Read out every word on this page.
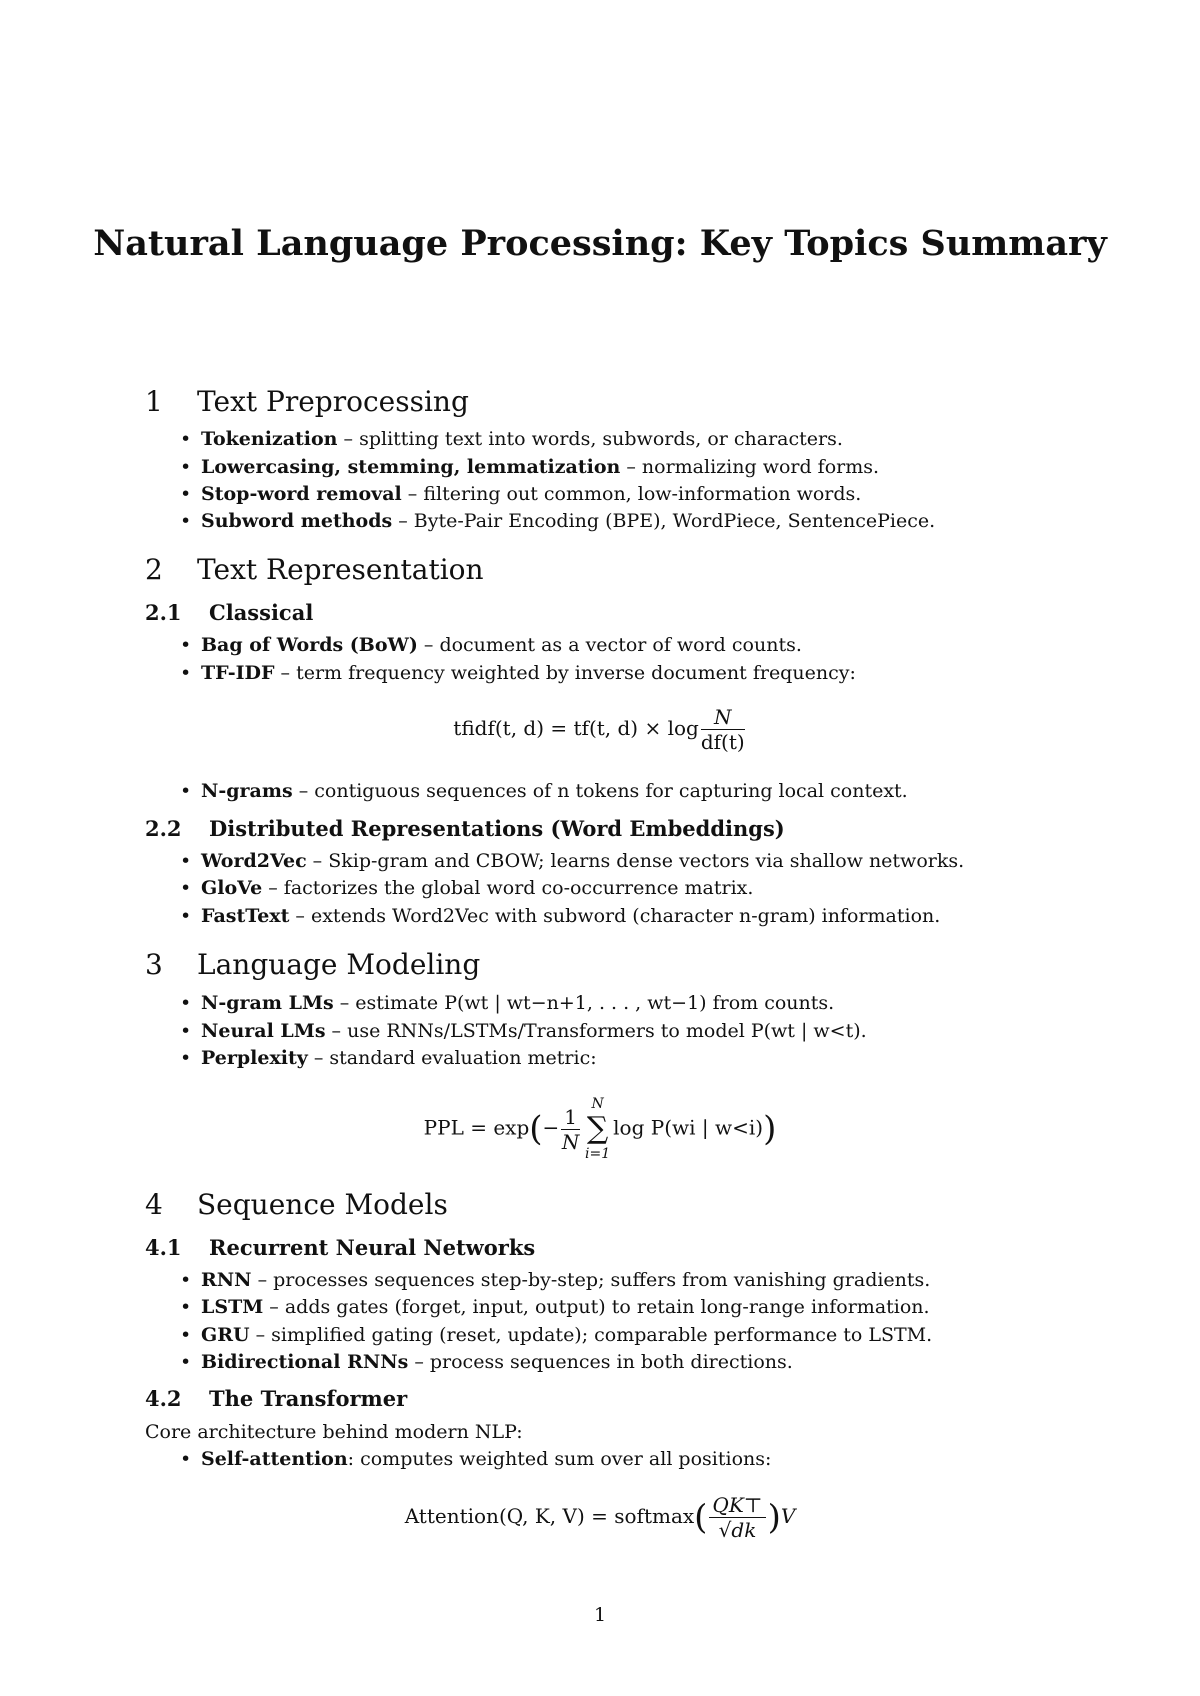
Natural Language Processing: Key Topics Summary
1 Text Preprocessing
• Tokenization – splitting text into words, subwords, or characters.
• Lowercasing, stemming, lemmatization – normalizing word forms.
• Stop-word removal – filtering out common, low-information words.
• Subword methods – Byte-Pair Encoding (BPE), WordPiece, SentencePiece.
2 Text Representation
2.1 Classical
• Bag of Words (BoW) – document as a vector of word counts.
• TF-IDF – term frequency weighted by inverse document frequency:
tfidf(t, d) = tf(t, $d) \times \log \frac{N}{df(t)}$
• N-grams – contiguous sequences of n tokens for capturing local context.
2.2 Distributed Representations (Word Embeddings)
• Word2Vec – Skip-gram and CBOW; learns dense vectors via shallow networks.
• GloVe – factorizes the global word co-occurrence matrix.
• FastText – extends Word2Vec with subword (character n-gram) information.
3 Language Modeling
• N-gram LMs – estimate P(wt | wt−n+1, . . . , wt−1) from counts.
• Neural LMs – use RNNs/LSTMs/Transformers to model P(wt | w<t).
• Perplexity – standard evaluation metric:
PPL = $\exp(- \frac{1}{N}$
N
∑
i=1
log P(wi | w<i))
4 Sequence Models
4.1 Recurrent Neural Networks
• RNN – processes sequences step-by-step; suffers from vanishing gradients.
• LSTM – adds gates (forget, input, output) to retain long-range information.
• GRU – simplified gating (reset, update); comparable performance to LSTM.
• Bidirectional RNNs – process sequences in both directions.
4.2 The Transformer
Core architecture behind modern NLP:
• Self-attention: computes weighted sum over all positions:
Attention(Q, K, V) = softmax( $\frac{QK⊤}{√dk} )V$
1
